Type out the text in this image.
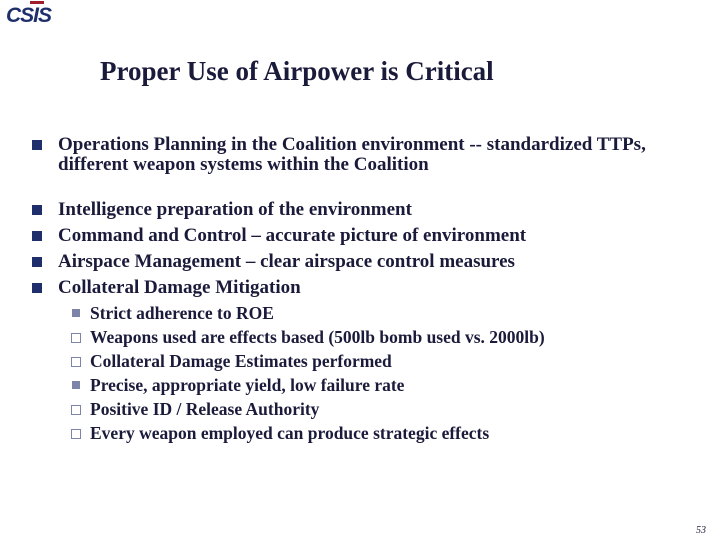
CSIS
Proper Use of Airpower is Critical
Operations Planning in the Coalition environment -- standardized TTPs, different weapon systems within the Coalition
Intelligence preparation of the environment
Command and Control – accurate picture of environment
Airspace Management – clear airspace control measures
Collateral Damage Mitigation
Strict adherence to ROE
Weapons used are effects based (500lb bomb used vs. 2000lb)
Collateral Damage Estimates performed
Precise, appropriate yield, low failure rate
Positive ID / Release Authority
Every weapon employed can produce strategic effects
53
